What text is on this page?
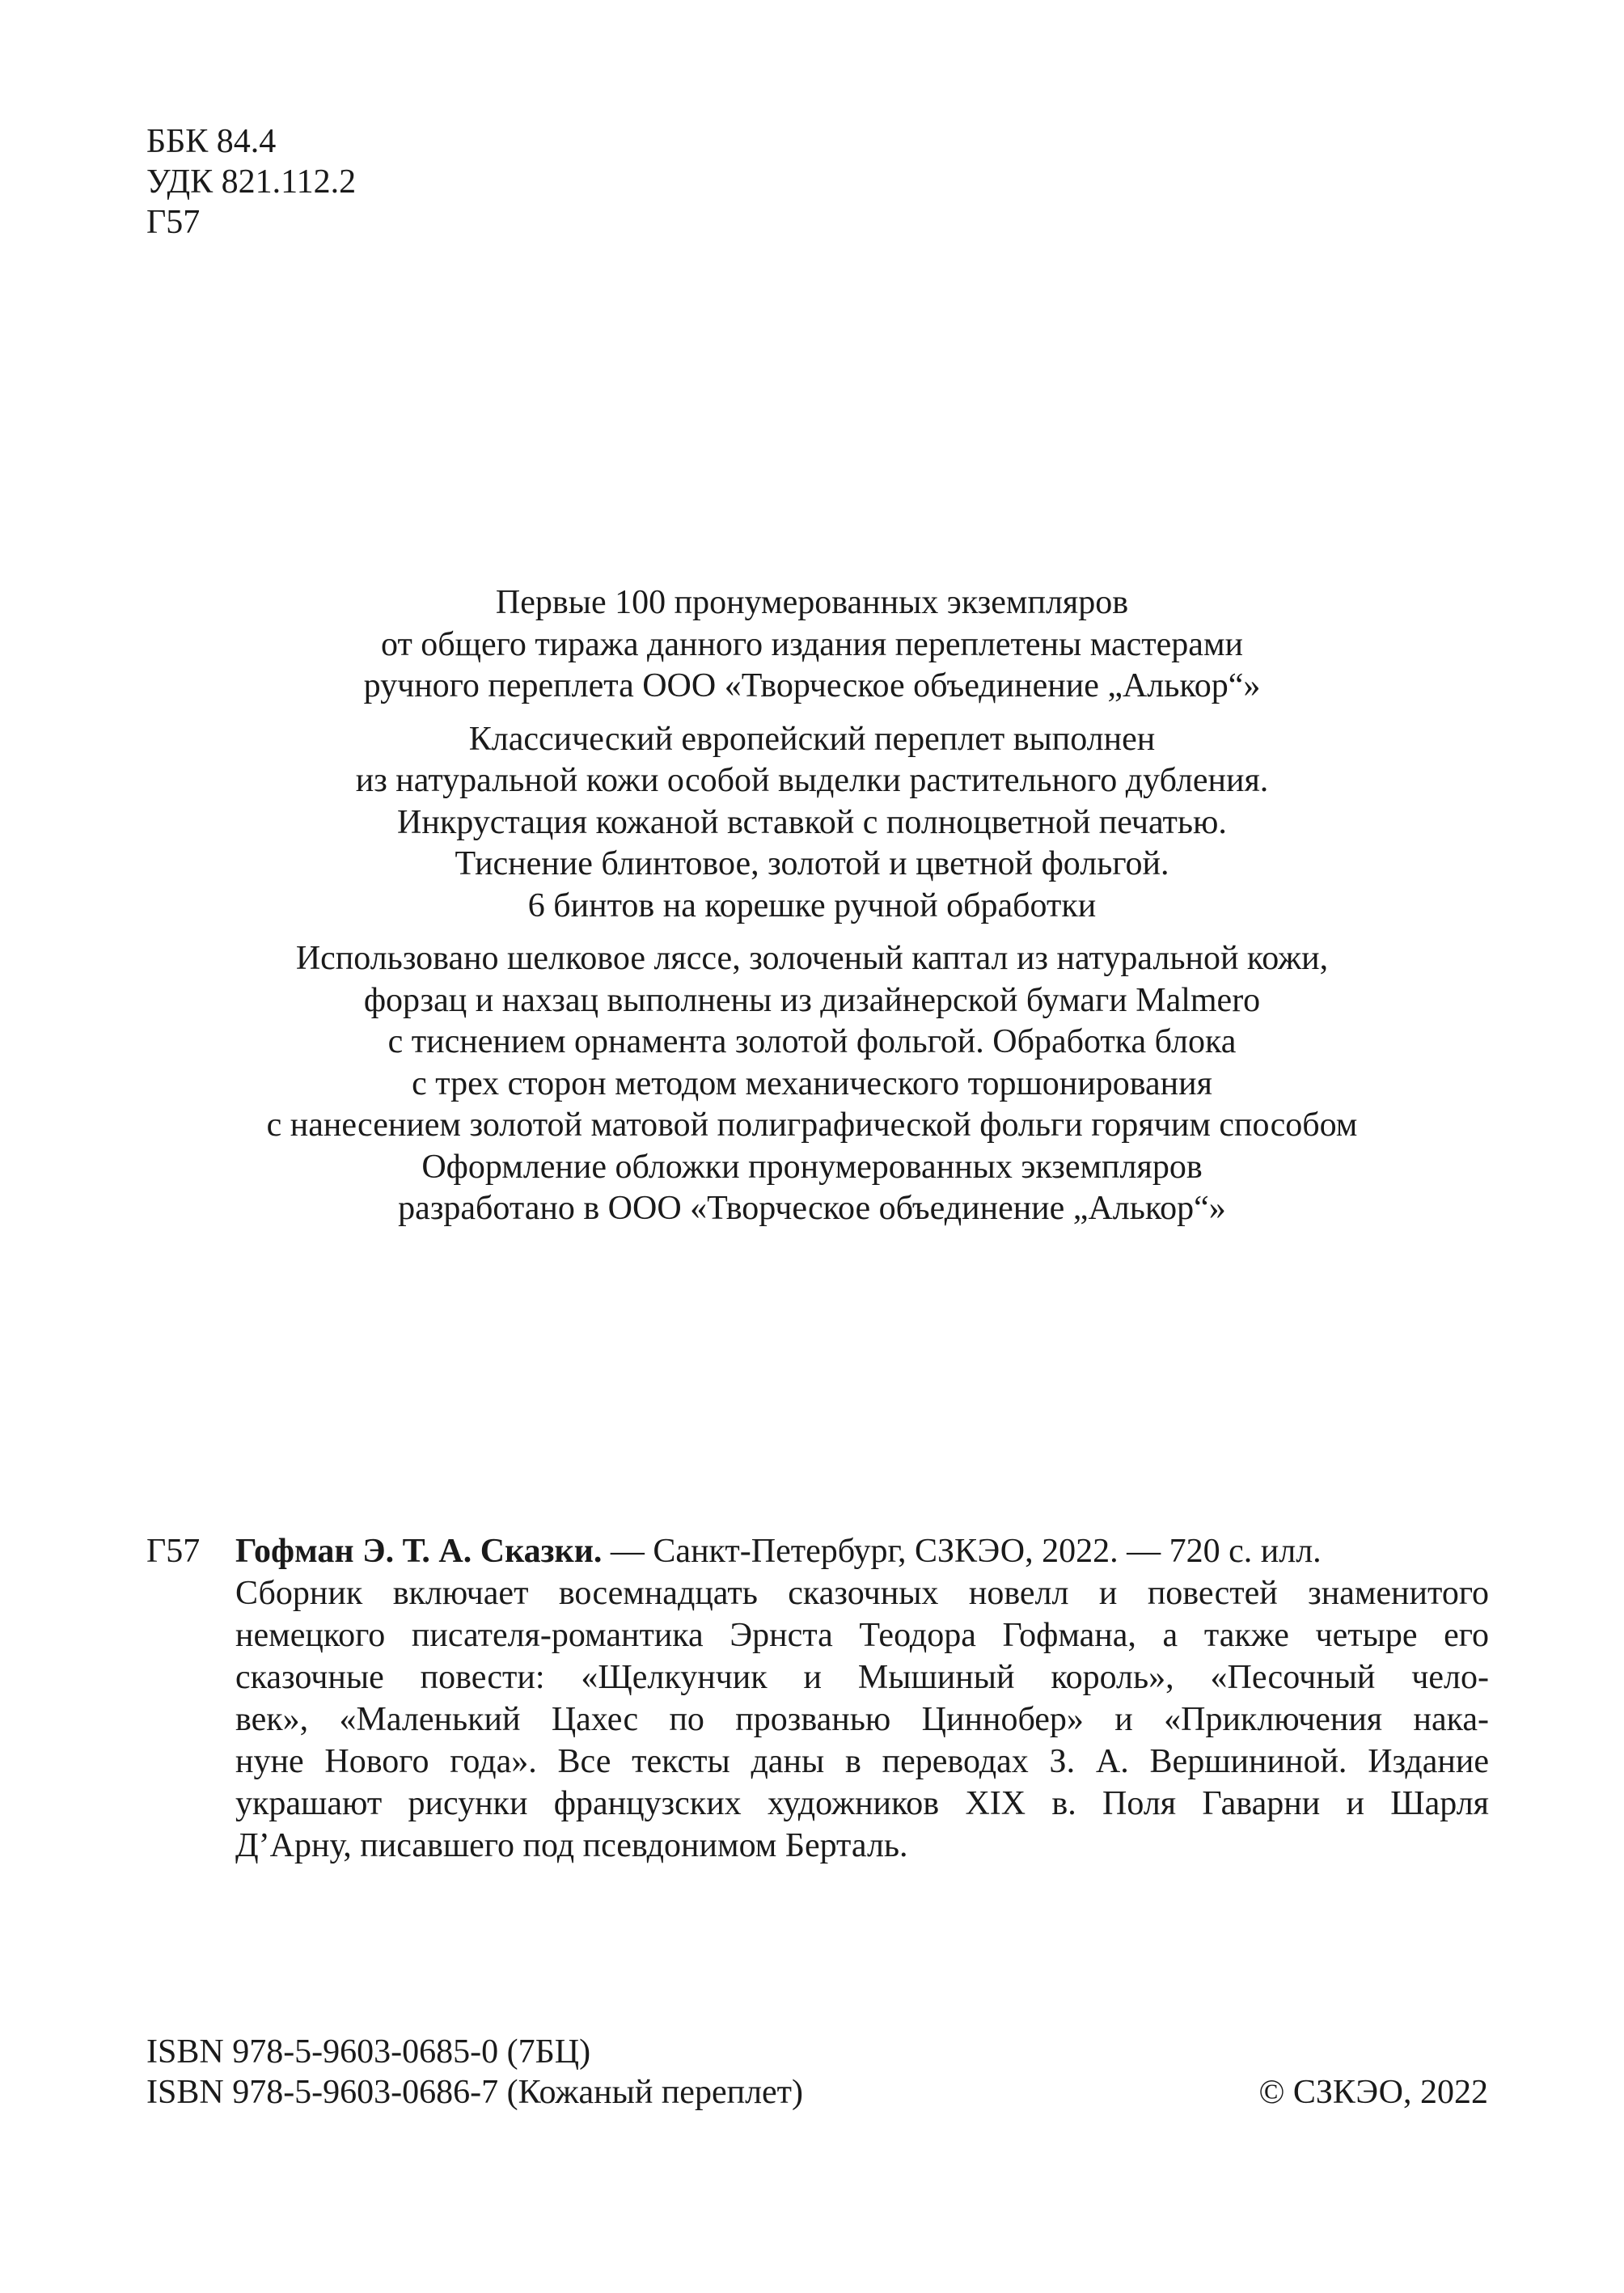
ББК 84.4
УДК 821.112.2
Г57
Первые 100 пронумерованных экземпляров
от общего тиража данного издания переплетены мастерами
ручного переплета ООО «Творческое объединение „Алькор“»
Классический европейский переплет выполнен
из натуральной кожи особой выделки растительного дубления.
Инкрустация кожаной вставкой с полноцветной печатью.
Тиснение блинтовое, золотой и цветной фольгой.
6 бинтов на корешке ручной обработки
Использовано шелковое ляссе, золоченый каптал из натуральной кожи,
форзац и нахзац выполнены из дизайнерской бумаги Malmero
с тиснением орнамента золотой фольгой. Обработка блока
с трех сторон методом механического торшонирования
с нанесением золотой матовой полиграфической фольги горячим способом
Оформление обложки пронумерованных экземпляров
разработано в ООО «Творческое объединение „Алькор“»
Г57 Гофман Э. Т. А. Сказки. — Санкт-Петербург, СЗКЭО, 2022. — 720 с. илл.
Сборник включает восемнадцать сказочных новелл и повестей знаменитого
немецкого писателя-романтика Эрнста Теодора Гофмана, а также четыре его
сказочные повести: «Щелкунчик и Мышиный король», «Песочный чело-
век», «Маленький Цахес по прозванью Циннобер» и «Приключения нака-
нуне Нового года». Все тексты даны в переводах З. А. Вершининой. Издание
украшают рисунки французских художников XIX в. Поля Гаварни и Шарля
Д’Арну, писавшего под псевдонимом Берталь.
ISBN 978-5-9603-0685-0 (7БЦ)
ISBN 978-5-9603-0686-7 (Кожаный переплет)	© СЗКЭО, 2022
